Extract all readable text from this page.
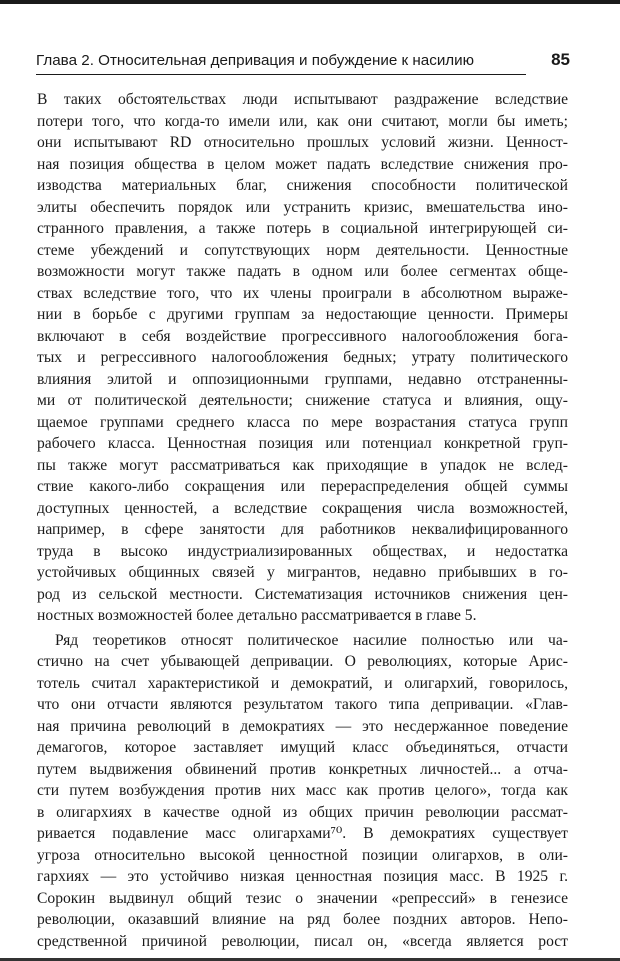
Глава 2. Относительная депривация и побуждение к насилию	85
В таких обстоятельствах люди испытывают раздражение вследствие
потери того, что когда-то имели или, как они считают, могли бы иметь;
они испытывают RD относительно прошлых условий жизни. Ценност-
ная позиция общества в целом может падать вследствие снижения про-
изводства материальных благ, снижения способности политической
элиты обеспечить порядок или устранить кризис, вмешательства ино-
странного правления, а также потерь в социальной интегрирующей си-
стеме убеждений и сопутствующих норм деятельности. Ценностные
возможности могут также падать в одном или более сегментах обще-
ствах вследствие того, что их члены проиграли в абсолютном выраже-
нии в борьбе с другими группам за недостающие ценности. Примеры
включают в себя воздействие прогрессивного налогообложения бога-
тых и регрессивного налогообложения бедных; утрату политического
влияния элитой и оппозиционными группами, недавно отстраненны-
ми от политической деятельности; снижение статуса и влияния, ощу-
щаемое группами среднего класса по мере возрастания статуса групп
рабочего класса. Ценностная позиция или потенциал конкретной груп-
пы также могут рассматриваться как приходящие в упадок не вслед-
ствие какого-либо сокращения или перераспределения общей суммы
доступных ценностей, а вследствие сокращения числа возможностей,
например, в сфере занятости для работников неквалифицированного
труда в высоко индустриализированных обществах, и недостатка
устойчивых общинных связей у мигрантов, недавно прибывших в го-
род из сельской местности. Систематизация источников снижения цен-
ностных возможностей более детально рассматривается в главе 5.
Ряд теоретиков относят политическое насилие полностью или ча-
стично на счет убывающей депривации. О революциях, которые Арис-
тотель считал характеристикой и демократий, и олигархий, говорилось,
что они отчасти являются результатом такого типа депривации. «Глав-
ная причина революций в демократиях — это несдержанное поведение
демагогов, которое заставляет имущий класс объединяться, отчасти
путем выдвижения обвинений против конкретных личностей... а отча-
сти путем возбуждения против них масс как против целого», тогда как
в олигархиях в качестве одной из общих причин революции рассмат-
ривается подавление масс олигархами⁷⁰. В демократиях существует
угроза относительно высокой ценностной позиции олигархов, в оли-
гархиях — это устойчиво низкая ценностная позиция масс. В 1925 г.
Сорокин выдвинул общий тезис о значении «репрессий» в генезисе
революции, оказавший влияние на ряд более поздних авторов. Непо-
средственной причиной революции, писал он, «всегда является рост
